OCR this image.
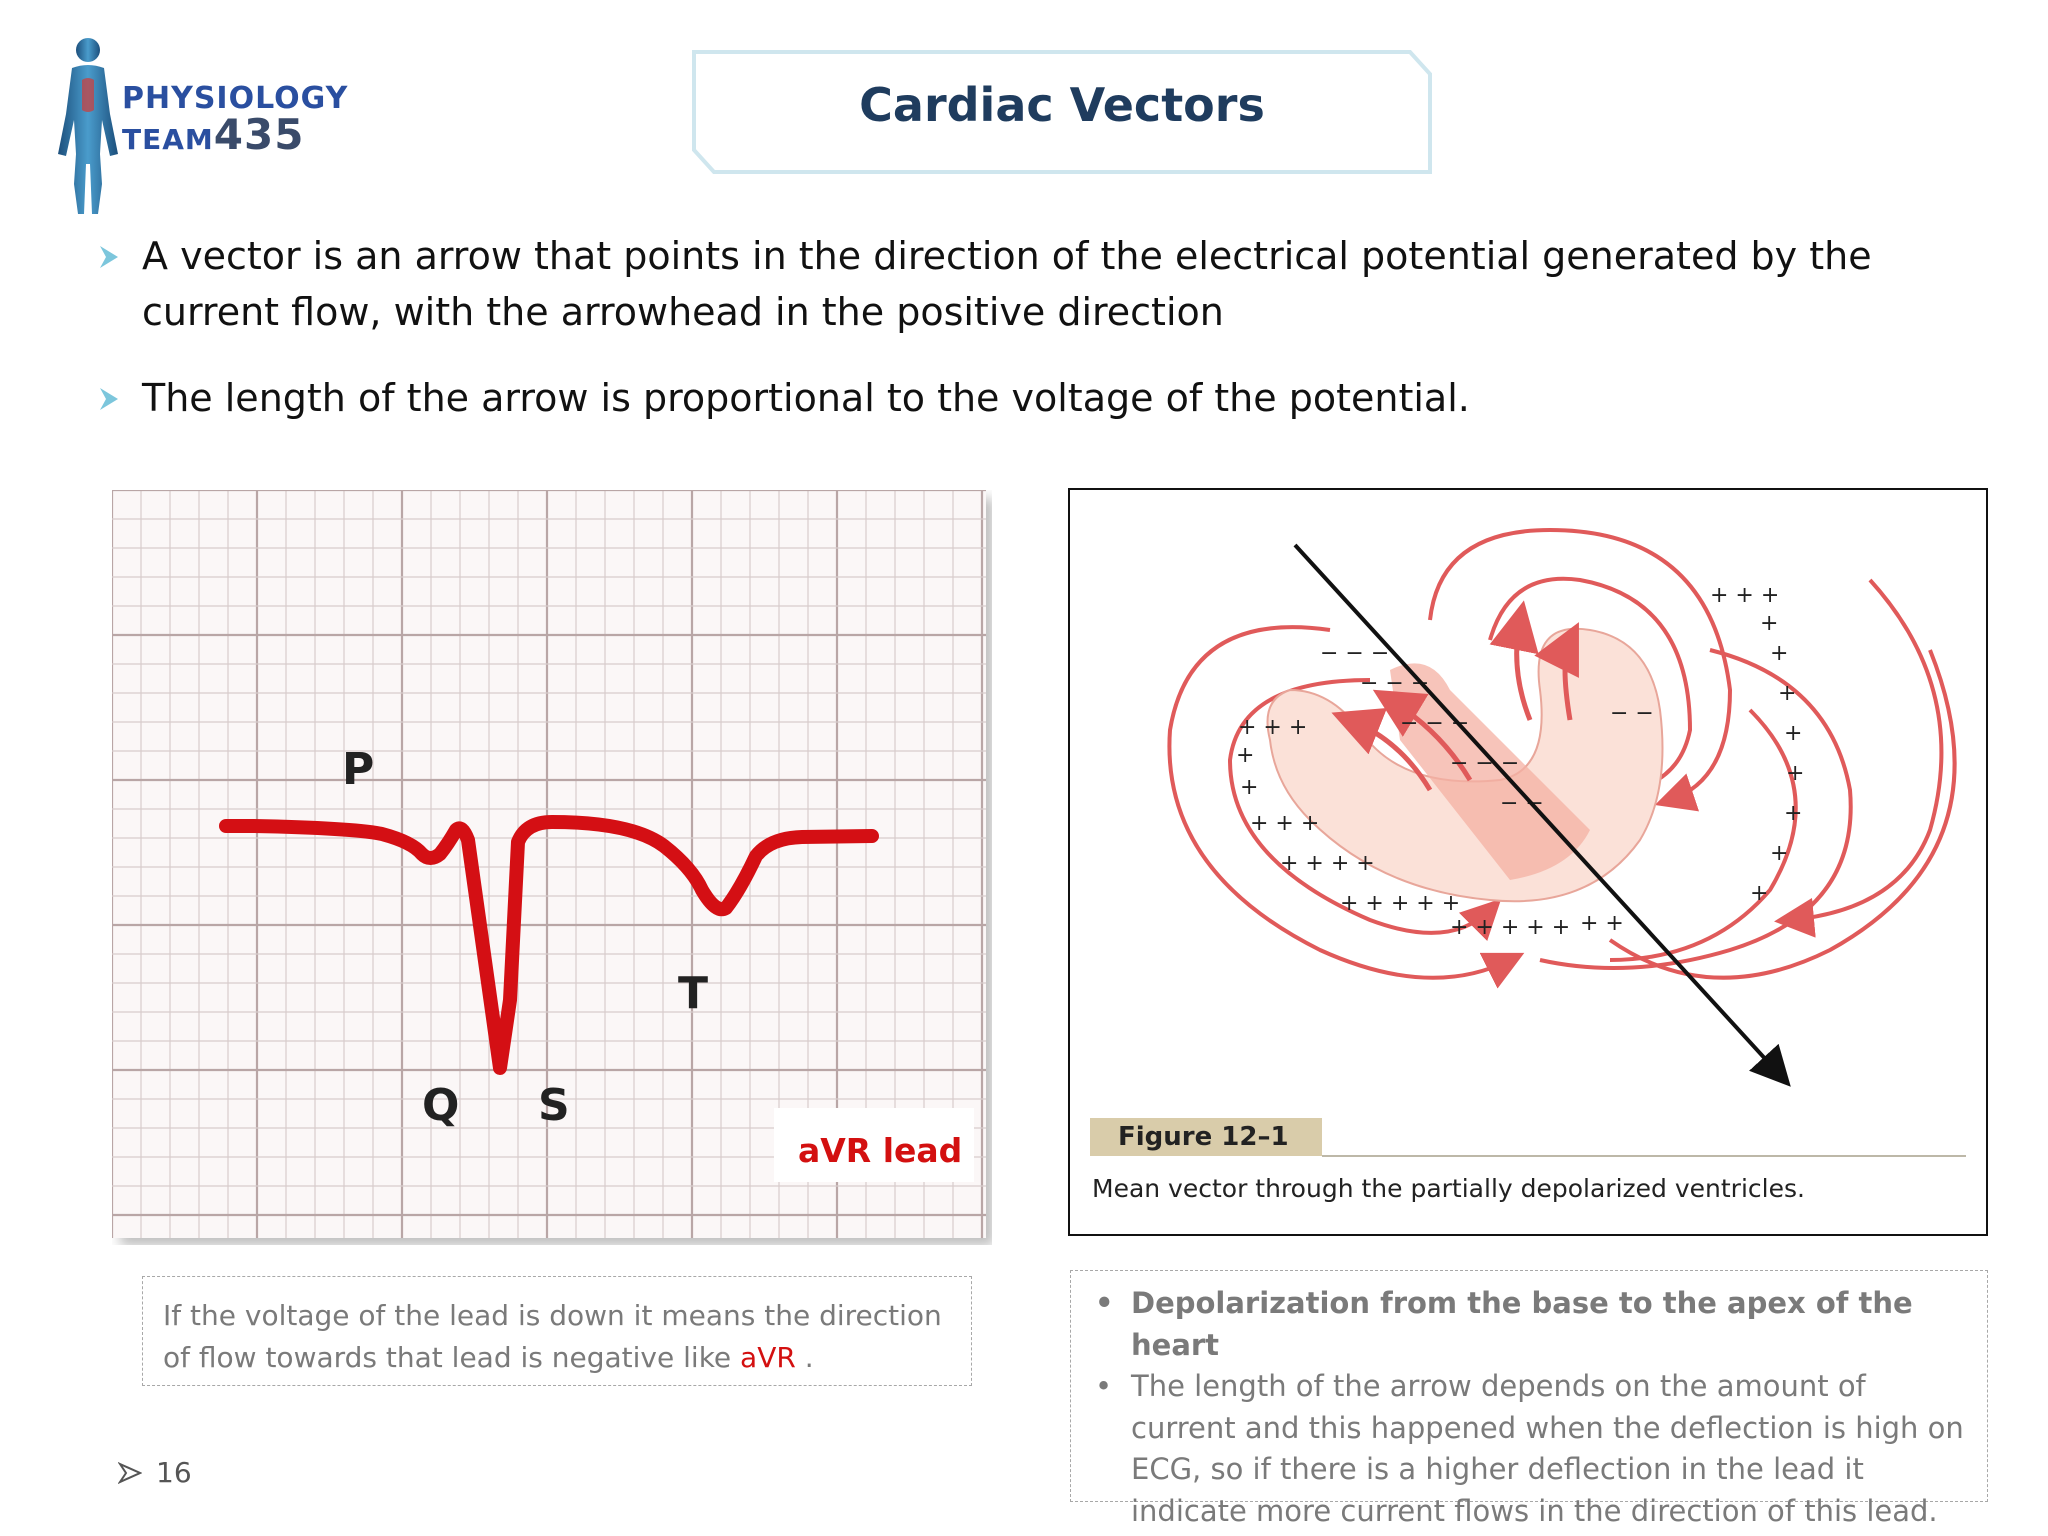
PHYSIOLOGY
TEAM435
Cardiac Vectors
A vector is an arrow that points in the direction of the electrical potential generated by the current flow, with the arrowhead in the positive direction
The length of the arrow is proportional to the voltage of the potential.
P
T
Q S
aVR lead
+ + +
+
+
+ + +
+ + + +
+ + + + +
+ + + + + + +
+ + +
+
+
+
+
+
+
+
+
− − −
− − −
− − −
− − −
− −
− −
Figure 12–1
Mean vector through the partially depolarized ventricles.
If the voltage of the lead is down it means the direction of flow towards that lead is negative like aVR .
• Depolarization from the base to the apex of the heart
• The length of the arrow depends on the amount of current and this happened when the deflection is high on ECG, so if there is a higher deflection in the lead it indicate more current flows in the direction of this lead.
16
